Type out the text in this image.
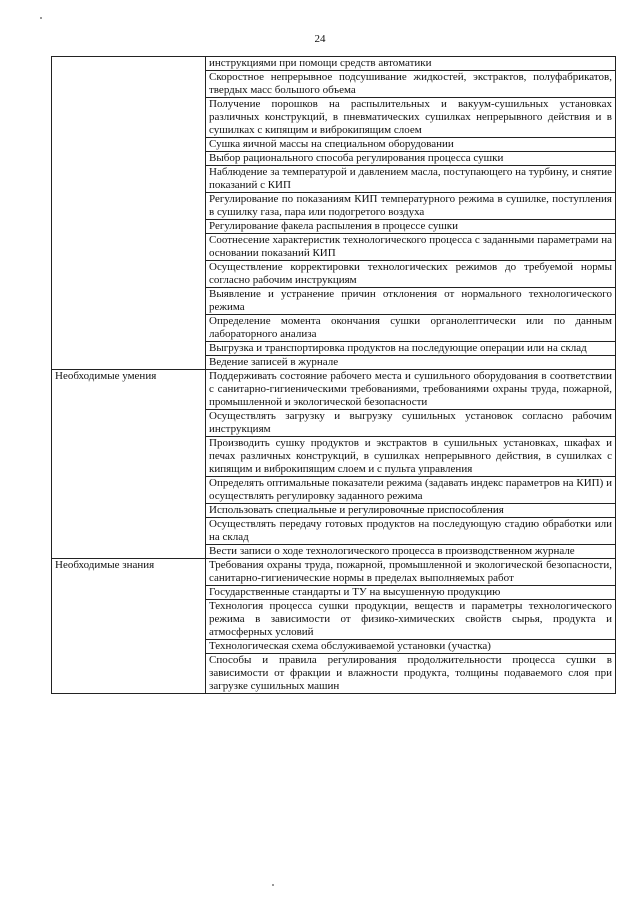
24
	инструкциями при помощи средств автоматики
	Скоростное непрерывное подсушивание жидкостей, экстрактов, полуфабрикатов, твердых масс большого объема
	Получение порошков на распылительных и вакуум-сушильных установках различных конструкций, в пневматических сушилках непрерывного действия и в сушилках с кипящим и виброкипящим слоем
	Сушка яичной массы на специальном оборудовании
	Выбор рационального способа регулирования процесса сушки
	Наблюдение за температурой и давлением масла, поступающего на турбину, и снятие показаний с КИП
	Регулирование по показаниям КИП температурного режима в сушилке, поступления в сушилку газа, пара или подогретого воздуха
	Регулирование факела распыления в процессе сушки
	Соотнесение характеристик технологического процесса с заданными параметрами на основании показаний КИП
	Осуществление корректировки технологических режимов до требуемой нормы согласно рабочим инструкциям
	Выявление и устранение причин отклонения от нормального технологического режима
	Определение момента окончания сушки органолептически или по данным лабораторного анализа
	Выгрузка и транспортировка продуктов на последующие операции или на склад
	Ведение записей в журнале
Необходимые умения	Поддерживать состояние рабочего места и сушильного оборудования в соответствии с санитарно-гигиеническими требованиями, требованиями охраны труда, пожарной, промышленной и экологической безопасности
	Осуществлять загрузку и выгрузку сушильных установок согласно рабочим инструкциям
	Производить сушку продуктов и экстрактов в сушильных установках, шкафах и печах различных конструкций, в сушилках непрерывного действия, в сушилках с кипящим и виброкипящим слоем и с пульта управления
	Определять оптимальные показатели режима (задавать индекс параметров на КИП) и осуществлять регулировку заданного режима
	Использовать специальные и регулировочные приспособления
	Осуществлять передачу готовых продуктов на последующую стадию обработки или на склад
	Вести записи о ходе технологического процесса в производственном журнале
Необходимые знания	Требования охраны труда, пожарной, промышленной и экологической безопасности, санитарно-гигиенические нормы в пределах выполняемых работ
	Государственные стандарты и ТУ на высушенную продукцию
	Технология процесса сушки продукции, веществ и параметры технологического режима в зависимости от физико-химических свойств сырья, продукта и атмосферных условий
	Технологическая схема обслуживаемой установки (участка)
	Способы и правила регулирования продолжительности процесса сушки в зависимости от фракции и влажности продукта, толщины подаваемого слоя при загрузке сушильных машин
